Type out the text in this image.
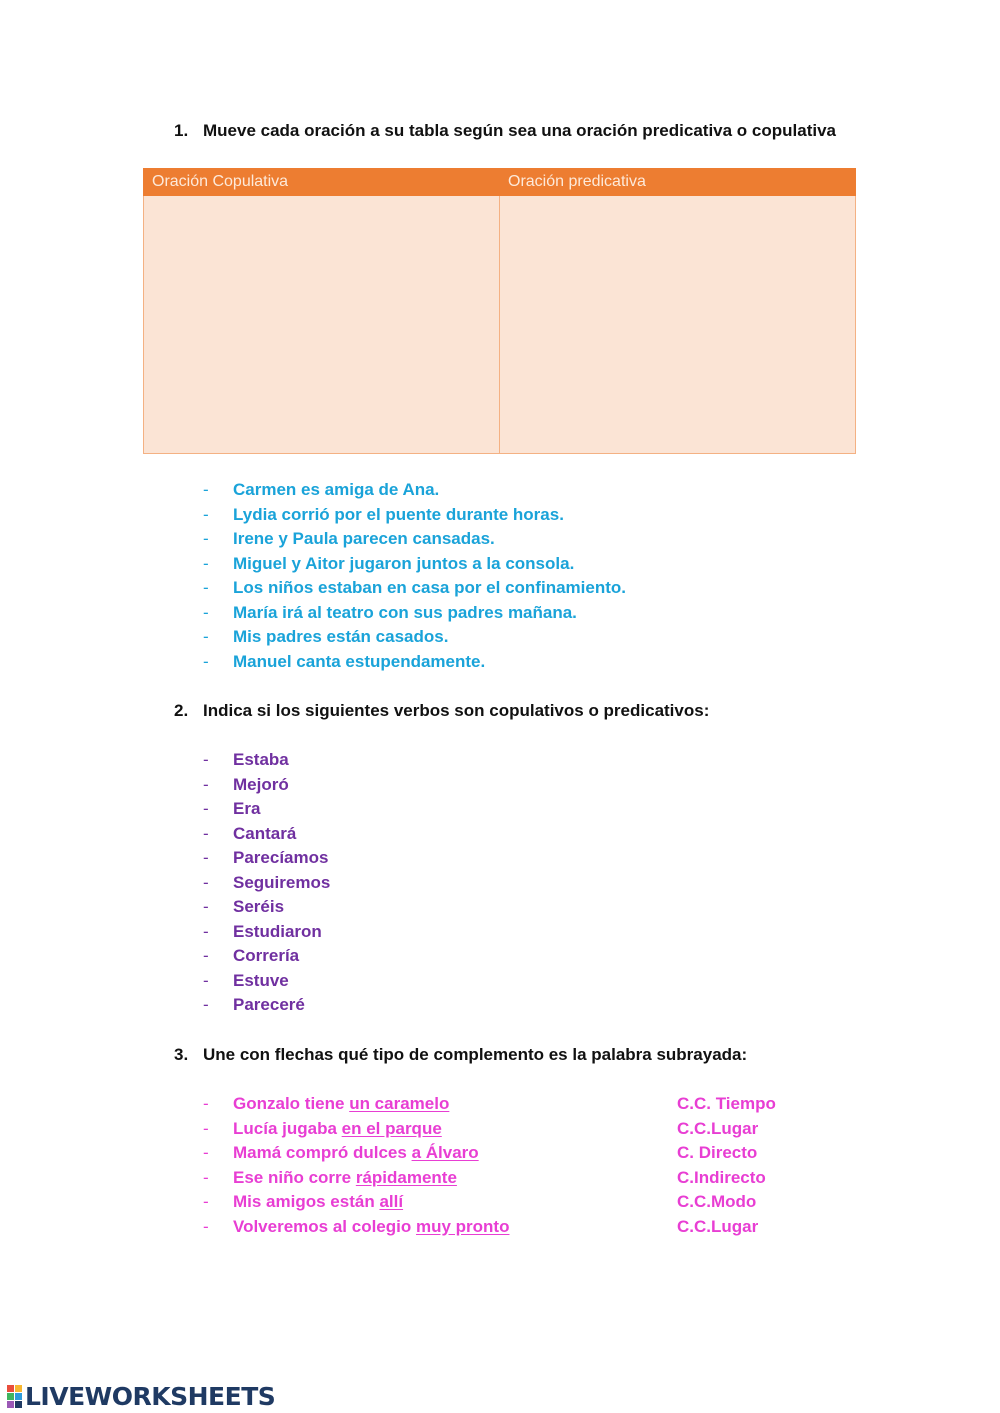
1. Mueve cada oración a su tabla según sea una oración predicativa o copulativa
Oración Copulativa	Oración predicativa

- Carmen es amiga de Ana.
- Lydia corrió por el puente durante horas.
- Irene y Paula parecen cansadas.
- Miguel y Aitor jugaron juntos a la consola.
- Los niños estaban en casa por el confinamiento.
- María irá al teatro con sus padres mañana.
- Mis padres están casados.
- Manuel canta estupendamente.
2. Indica si los siguientes verbos son copulativos o predicativos:
- Estaba
- Mejoró
- Era
- Cantará
- Parecíamos
- Seguiremos
- Seréis
- Estudiaron
- Correría
- Estuve
- Pareceré
3. Une con flechas qué tipo de complemento es la palabra subrayada:
- Gonzalo tiene un caramelo
- Lucía jugaba en el parque
- Mamá compró dulces a Álvaro
- Ese niño corre rápidamente
- Mis amigos están allí
- Volveremos al colegio muy pronto
C.C. Tiempo
C.C.Lugar
C. Directo
C.Indirecto
C.C.Modo
C.C.Lugar
LIVEWORKSHEETS
